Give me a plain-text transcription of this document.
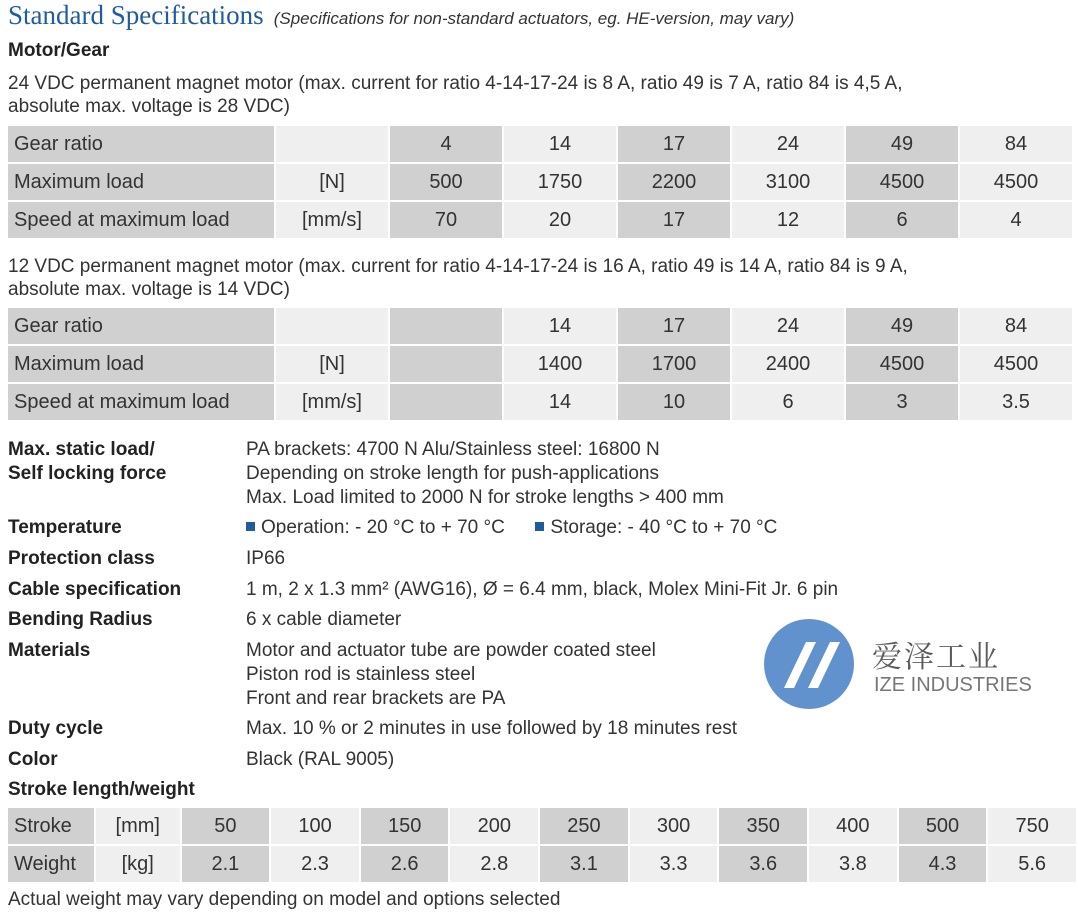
Standard Specifications (Specifications for non-standard actuators, eg. HE-version, may vary)
Motor/Gear
24 VDC permanent magnet motor (max. current for ratio 4-14-17-24 is 8 A, ratio 49 is 7 A, ratio 84 is 4,5 A,
absolute max. voltage is 28 VDC)
Gear ratio		4	14	17	24	49	84
Maximum load	[N]	500	1750	2200	3100	4500	4500
Speed at maximum load	[mm/s]	70	20	17	12	6	4
12 VDC permanent magnet motor (max. current for ratio 4-14-17-24 is 16 A, ratio 49 is 14 A, ratio 84 is 9 A,
absolute max. voltage is 14 VDC)
Gear ratio			14	17	24	49	84
Maximum load	[N]		1400	1700	2400	4500	4500
Speed at maximum load	[mm/s]		14	10	6	3	3.5
Max. static load/
Self locking force
PA brackets: 4700 N Alu/Stainless steel: 16800 N
Depending on stroke length for push-applications
Max. Load limited to 2000 N for stroke lengths > 400 mm
Temperature	Operation: - 20 °C to + 70 °C Storage: - 40 °C to + 70 °C
Protection class	IP66
Cable specification	1 m, 2 x 1.3 mm² (AWG16), Ø = 6.4 mm, black, Molex Mini-Fit Jr. 6 pin
Bending Radius	6 x cable diameter
Materials	Motor and actuator tube are powder coated steel
Piston rod is stainless steel
Front and rear brackets are PA
Duty cycle	Max. 10 % or 2 minutes in use followed by 18 minutes rest
Color	Black (RAL 9005)
Stroke length/weight
Stroke	[mm]	50	100	150	200	250	300	350	400	500	750
Weight	[kg]	2.1	2.3	2.6	2.8	3.1	3.3	3.6	3.8	4.3	5.6
Actual weight may vary depending on model and options selected
爱泽工业
IZE INDUSTRIES
